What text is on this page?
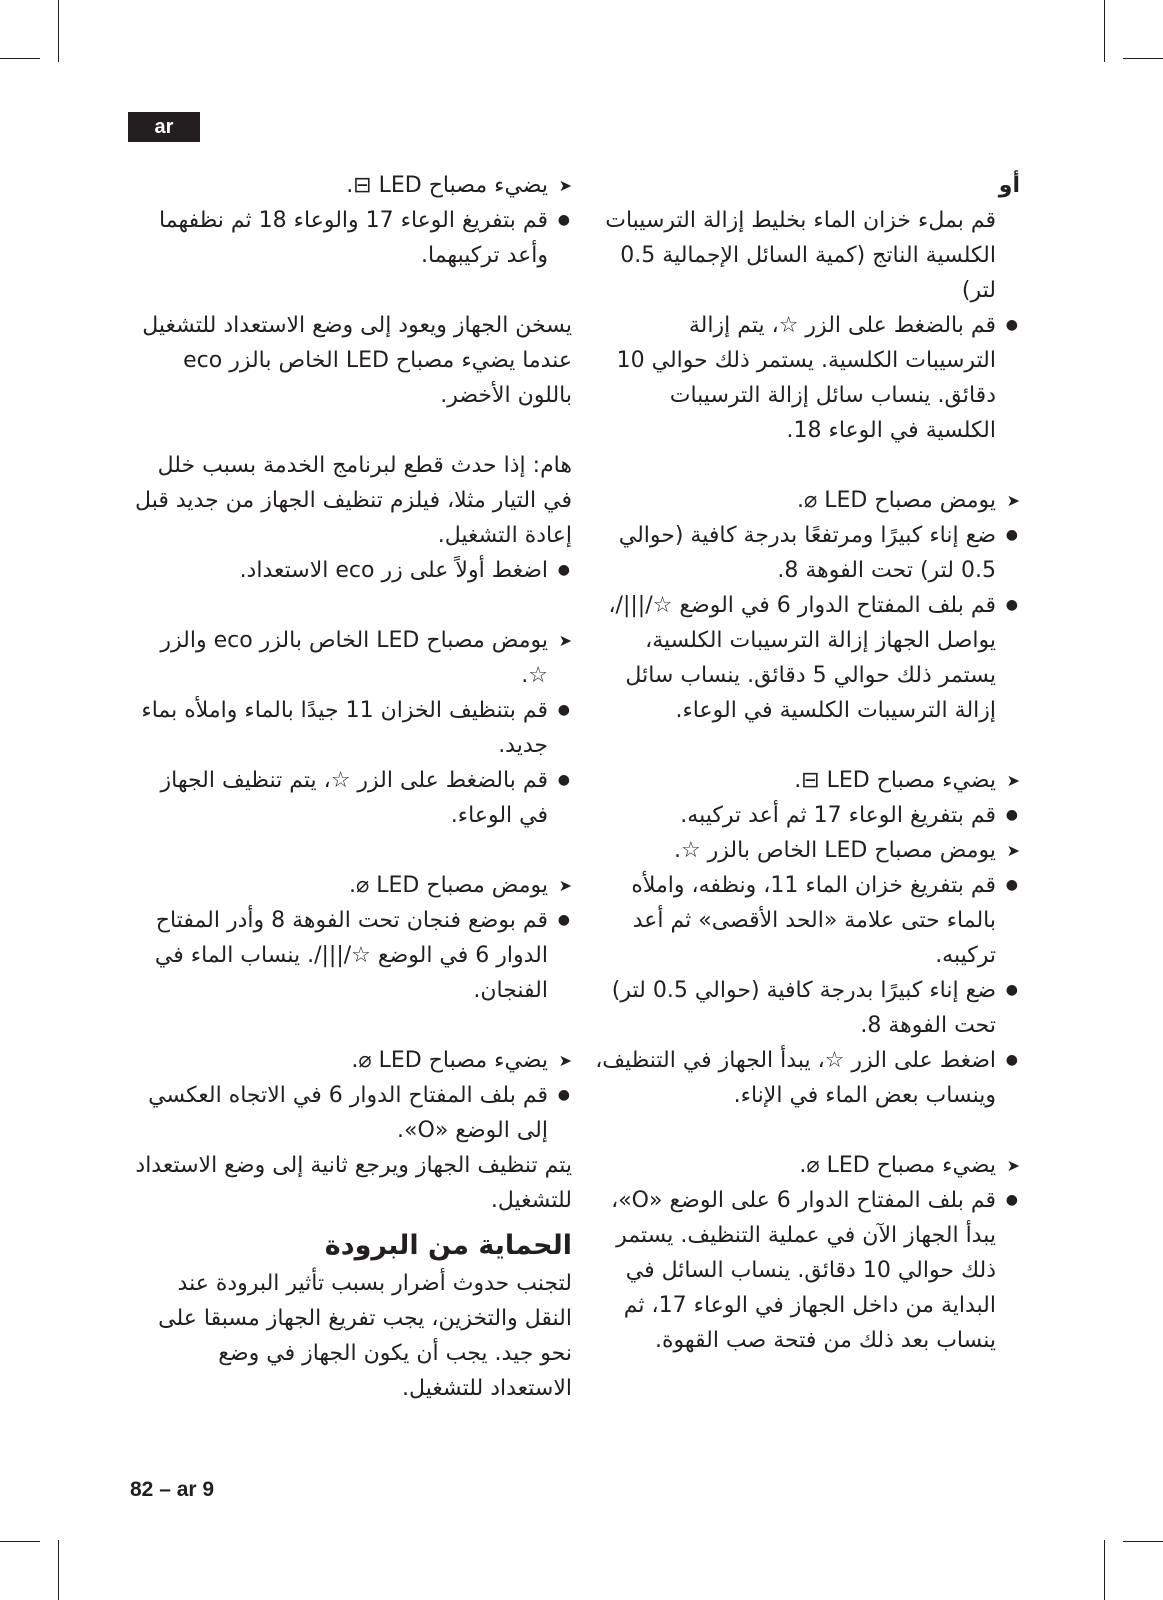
ar

أو

قم بملء خزان الماء بخليط إزالة الترسيبات الكلسية الناتج (كمية السائل الإجمالية 0.5 لتر)

● قم بالضغط على الزر ☆، يتم إزالة الترسيبات الكلسية. يستمر ذلك حوالي 10 دقائق. ينساب سائل إزالة الترسيبات الكلسية في الوعاء 18.

➤ يومض مصباح LED ⌀.

● ضع إناء كبيرًا ومرتفعًا بدرجة كافية (حوالي 0.5 لتر) تحت الفوهة 8.

● قم بلف المفتاح الدوار 6 في الوضع ☆/|||/، يواصل الجهاز إزالة الترسيبات الكلسية، يستمر ذلك حوالي 5 دقائق. ينساب سائل إزالة الترسيبات الكلسية في الوعاء.

➤ يضيء مصباح LED ⊟.

● قم بتفريغ الوعاء 17 ثم أعد تركيبه.

➤ يومض مصباح LED الخاص بالزر ☆.

● قم بتفريغ خزان الماء 11، ونظفه، واملأه بالماء حتى علامة «الحد الأقصى» ثم أعد تركيبه.

● ضع إناء كبيرًا بدرجة كافية (حوالي 0.5 لتر) تحت الفوهة 8.

● اضغط على الزر ☆، يبدأ الجهاز في التنظيف، وينساب بعض الماء في الإناء.

➤ يضيء مصباح LED ⌀.

● قم بلف المفتاح الدوار 6 على الوضع «O»، يبدأ الجهاز الآن في عملية التنظيف. يستمر ذلك حوالي 10 دقائق. ينساب السائل في البداية من داخل الجهاز في الوعاء 17، ثم ينساب بعد ذلك من فتحة صب القهوة.

➤ يضيء مصباح LED ⊟.

● قم بتفريغ الوعاء 17 والوعاء 18 ثم نظفهما وأعد تركيبهما.

يسخن الجهاز ويعود إلى وضع الاستعداد للتشغيل عندما يضيء مصباح LED الخاص بالزر eco باللون الأخضر.

هام: إذا حدث قطع لبرنامج الخدمة بسبب خلل في التيار مثلا، فيلزم تنظيف الجهاز من جديد قبل إعادة التشغيل.

● اضغط أولاً على زر eco الاستعداد.

➤ يومض مصباح LED الخاص بالزر eco والزر ☆.

● قم بتنظيف الخزان 11 جيدًا بالماء واملأه بماء جديد.

● قم بالضغط على الزر ☆، يتم تنظيف الجهاز في الوعاء.

➤ يومض مصباح LED ⌀.

● قم بوضع فنجان تحت الفوهة 8 وأدر المفتاح الدوار 6 في الوضع ☆/|||/. ينساب الماء في الفنجان.

➤ يضيء مصباح LED ⌀.

● قم بلف المفتاح الدوار 6 في الاتجاه العكسي إلى الوضع «O».

يتم تنظيف الجهاز ويرجع ثانية إلى وضع الاستعداد للتشغيل.

الحماية من البرودة

لتجنب حدوث أضرار بسبب تأثير البرودة عند النقل والتخزين، يجب تفريغ الجهاز مسبقا على نحو جيد. يجب أن يكون الجهاز في وضع الاستعداد للتشغيل.

82 – ar 9
